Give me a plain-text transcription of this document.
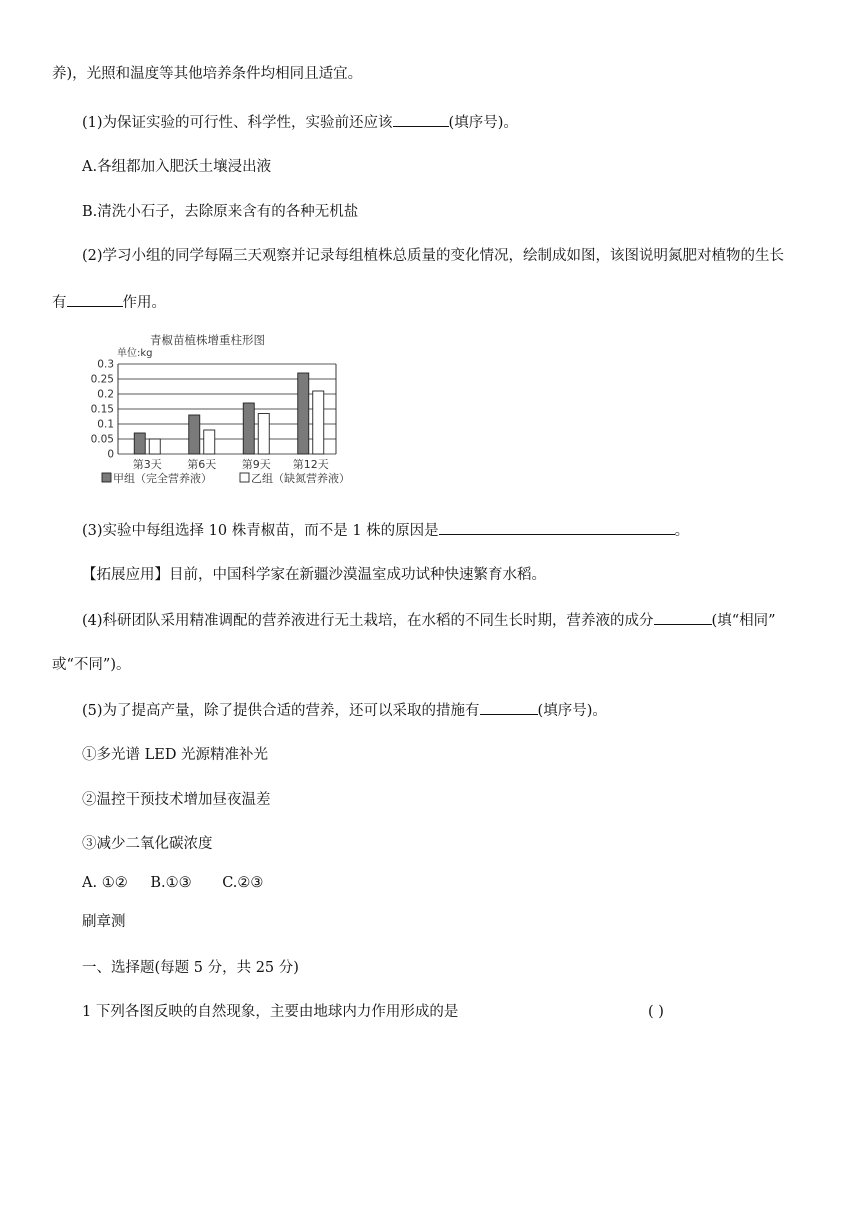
养)，光照和温度等其他培养条件均相同且适宜。
(1)为保证实验的可行性、科学性，实验前还应该	(填序号)。
A.各组都加入肥沃土壤浸出液
B.清洗小石子，去除原来含有的各种无机盐
(2)学习小组的同学每隔三天观察并记录每组植株总质量的变化情况，绘制成如图，该图说明氮肥对植物的生长
有	作用。
青椒苗植株增重柱形图
单位:kg
0
0.05
0.1
0.15
0.2
0.25
0.3
第3天 第6天 第9天 第12天
甲组（完全营养液）	乙组（缺氮营养液）
(3)实验中每组选择 10 株青椒苗，而不是 1 株的原因是	。
【拓展应用】目前，中国科学家在新疆沙漠温室成功试种快速繁育水稻。
(4)科研团队采用精准调配的营养液进行无土栽培，在水稻的不同生长时期，营养液的成分	(填“相同”
或“不同”)。
(5)为了提高产量，除了提供合适的营养，还可以采取的措施有	(填序号)。
①多光谱 LED 光源精准补光
②温控干预技术增加昼夜温差
③减少二氧化碳浓度
A. ①② B.①③ C.②③
刷章测
一、选择题(每题 5 分，共 25 分)
1 下列各图反映的自然现象，主要由地球内力作用形成的是	( )
